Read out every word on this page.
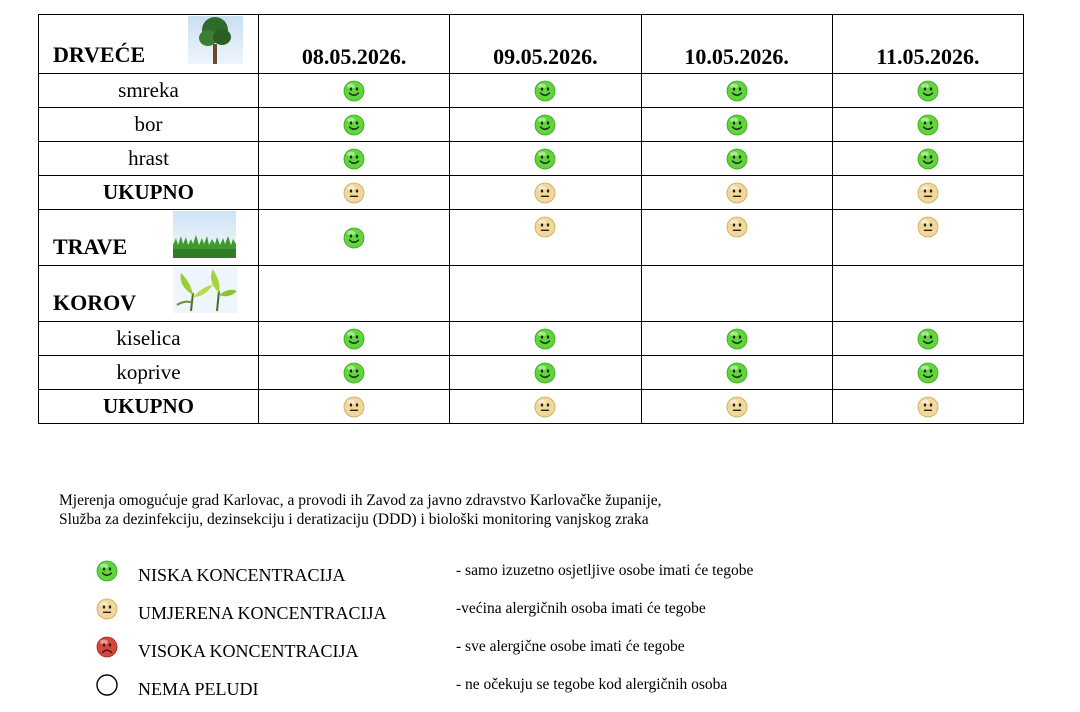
DRVEĆE	08.05.2026.	09.05.2026.	10.05.2026.	11.05.2026.
smreka	

bor	

hrast	

UKUPNO	

TRAVE

KOROV				

kiselica	

koprive	

UKUPNO	

Mjerenja omogućuje grad Karlovac, a provodi ih Zavod za javno zdravstvo Karlovačke županije,
Služba za dezinfekciju, dezinsekciju i deratizaciju (DDD) i biološki monitoring vanjskog zraka
NISKA KONCENTRACIJA	- samo izuzetno osjetljive osobe imati će tegobe
UMJERENA KONCENTRACIJA	-većina alergičnih osoba imati će tegobe
VISOKA KONCENTRACIJA	- sve alergične osobe imati će tegobe
NEMA PELUDI	- ne očekuju se tegobe kod alergičnih osoba
